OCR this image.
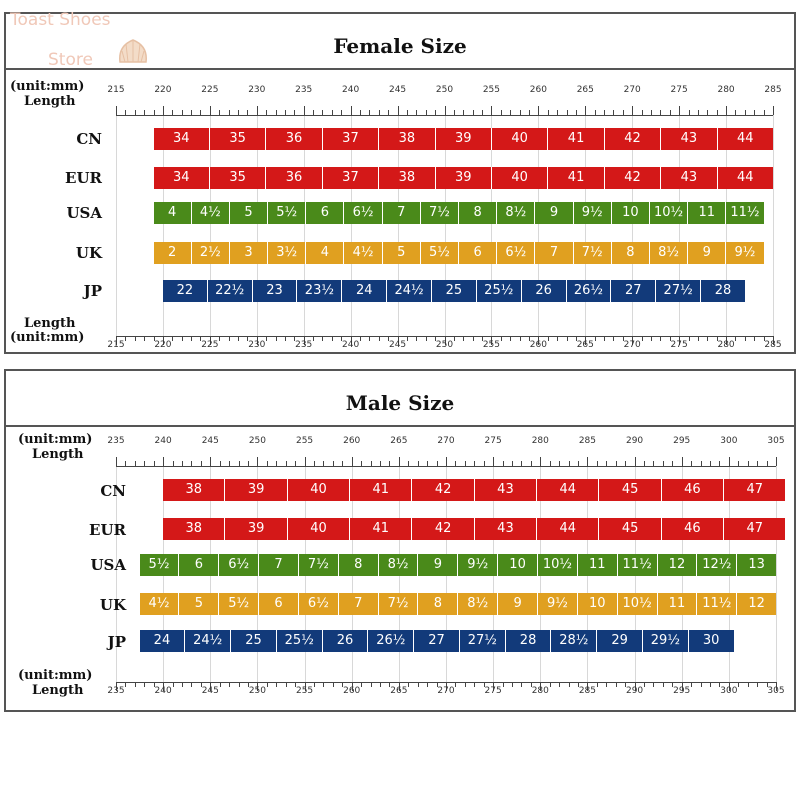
Toast Shoes
Store
Female Size
(unit:mm)
Length
215	220	225	230	235	240	245	250	255	260	265	270	275	280	285
CN	34	35	36	37	38	39	40	41	42	43	44
EUR	34	35	36	37	38	39	40	41	42	43	44
USA	4	4½	5	5½	6	6½	7	7½	8	8½	9	9½	10	10½	11	11½
UK	2	2½	3	3½	4	4½	5	5½	6	6½	7	7½	8	8½	9	9½
JP	22	22½	23	23½	24	24½	25	25½	26	26½	27	27½	28
Length
(unit:mm)	215	220	225	230	235	240	245	250	255	260	265	270	275	280	285
Male Size
(unit:mm)
Length
235	240	245	250	255	260	265	270	275	280	285	290	295	300	305
CN	38	39	40	41	42	43	44	45	46	47
EUR	38	39	40	41	42	43	44	45	46	47
USA	5½	6	6½	7	7½	8	8½	9	9½	10	10½	11	11½	12	12½	13
UK	4½	5	5½	6	6½	7	7½	8	8½	9	9½	10	10½	11	11½	12
JP	24	24½	25	25½	26	26½	27	27½	28	28½	29	29½	30
(unit:mm)
Length	235	240	245	250	255	260	265	270	275	280	285	290	295	300	305
